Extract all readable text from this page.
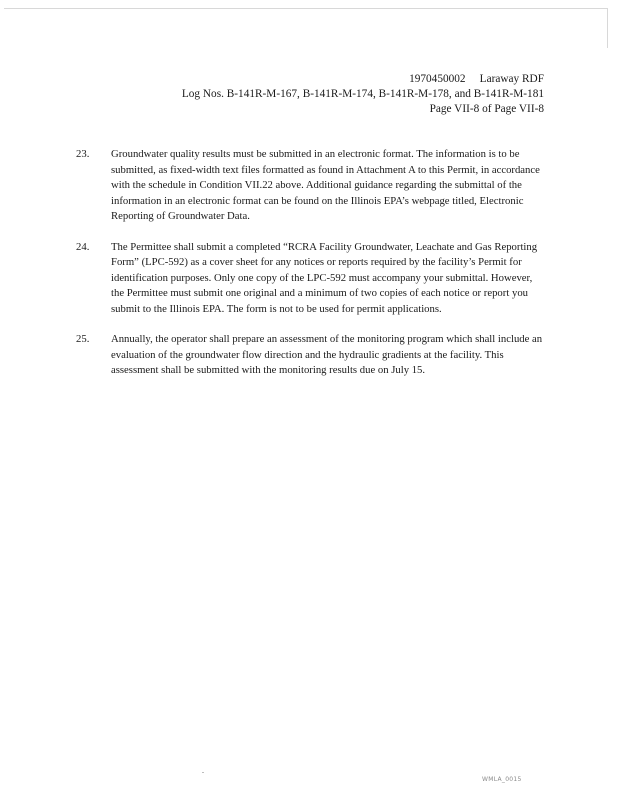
1970450002     Laraway RDF
Log Nos. B-141R-M-167, B-141R-M-174, B-141R-M-178, and B-141R-M-181
Page VII-8 of Page VII-8
23. Groundwater quality results must be submitted in an electronic format. The information is to be submitted, as fixed-width text files formatted as found in Attachment A to this Permit, in accordance with the schedule in Condition VII.22 above. Additional guidance regarding the submittal of the information in an electronic format can be found on the Illinois EPA’s webpage titled, Electronic Reporting of Groundwater Data.
24. The Permittee shall submit a completed “RCRA Facility Groundwater, Leachate and Gas Reporting Form” (LPC-592) as a cover sheet for any notices or reports required by the facility’s Permit for identification purposes. Only one copy of the LPC-592 must accompany your submittal. However, the Permittee must submit one original and a minimum of two copies of each notice or report you submit to the Illinois EPA. The form is not to be used for permit applications.
25. Annually, the operator shall prepare an assessment of the monitoring program which shall include an evaluation of the groundwater flow direction and the hydraulic gradients at the facility. This assessment shall be submitted with the monitoring results due on July 15.
WMLA_0015
